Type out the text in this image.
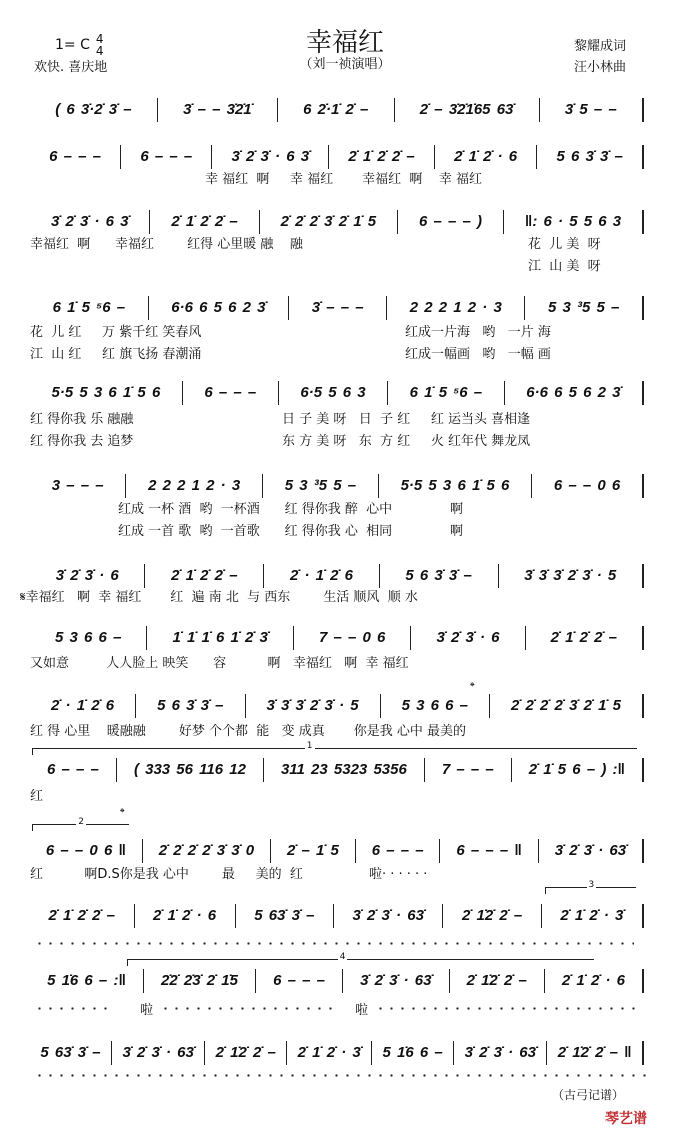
幸福红
（刘一祯演唱）
1= C 4
4
欢快. 喜庆地
黎耀成词
汪小林曲
( 6 3̇·2̇ 3̇ –	3̇ – – 3̇2̇1̇	6 2̇·1̇ 2̇ –	2̇ – 3̇2̇1̇65 63̇	3̇ 5 – –
6 – – –	6 – – –	3̇ 2̇ 3̇ · 6 3̇	2̇ 1̇ 2̇ 2̇ –	2̇ 1̇ 2̇ · 6	5 6 3̇ 3̇ –
3̇ 2̇ 3̇ · 6 3̇	2̇ 1̇ 2̇ 2̇ –	2̇ 2̇ 2̇ 3̇ 2̇ 1̇ 5	6 – – – )	‖: 6 · 5 5 6 3
6 1̇ 5 ⁵6 –	6·6 6 5 6 2 3̇	3̇ – – –	2 2 2 1 2 · 3	5 3 ³5 5 –
5·5 5 3 6 1̇ 5 6	6 – – –	6·5 5 6 3	6 1̇ 5 ⁵6 –	6·6 6 5 6 2 3̇
3 – – –	2 2 2 1 2 · 3	5 3 ³5 5 –	5·5 5 3 6 1̇ 5 6	6 – – 0 6
3̇ 2̇ 3̇ · 6	2̇ 1̇ 2̇ 2̇ –	2̇ · 1̇ 2̇ 6	5 6 3̇ 3̇ –	3̇ 3̇ 3̇ 2̇ 3̇ · 5
5 3 6 6 –	1̇ 1̇ 1̇ 6 1̇ 2̇ 3̇	7 – – 0 6	3̇ 2̇ 3̇ · 6	2̇ 1̇ 2̇ 2̇ –
2̇ · 1̇ 2̇ 6	5 6 3̇ 3̇ –	3̇ 3̇ 3̇ 2̇ 3̇ · 5	5 3 6 6 –	2̇ 2̇ 2̇ 2̇ 3̇ 2̇ 1̇ 5
6 – – –	( 333 56 116 12	311 23 5323 5356	7 – – –	2̇ 1̇ 5 6 – ) :‖
6 – – 0 6 ‖	2̇ 2̇ 2̇ 2̇ 3̇ 3̇ 0	2̇ – 1̇ 5	6 – – –	6 – – – ‖	3̇ 2̇ 3̇ · 63̇
2̇ 1̇ 2̇ 2̇ –	2̇ 1̇ 2̇ · 6	5 63̇ 3̇ –	3̇ 2̇ 3̇ · 63̇	2̇ 1̇2̇ 2̇ –	2̇ 1̇ 2̇ · 3̇
5 1̇6 6 – :‖	2̇2̇ 2̇3̇ 2̇ 1̇5	6 – – –	3̇ 2̇ 3̇ · 63̇	2̇ 1̇2̇ 2̇ –	2̇ 1̇ 2̇ · 6
5 63̇ 3̇ –	3̇ 2̇ 3̇ · 63̇	2̇ 1̇2̇ 2̇ –	2̇ 1̇ 2̇ · 3̇	5 1̇6 6 –	3̇ 2̇ 3̇ · 63̇	2̇ 1̇2̇ 2̇ – ‖
幸 福红  啊     幸 福红       幸福红  啊    幸 福红
幸福红  啊      幸福红        红得 心里暖 融    融	花  儿 美  呀
江  山 美  呀
花  儿 红     万 紫千红 笑春风
江  山 红     红 旗飞扬 春潮涌
红成一片海   哟   一片 海
红成一幅画   哟   一幅 画
红 得你我 乐 融融
红 得你我 去 追梦
日 子 美 呀   日  子 红     红 运当头 喜相逢
东 方 美 呀   东  方 红     火 红年代 舞龙凤
红成 一杯 酒  哟  一杯酒      红 得你我 醉  心中              啊
红成 一首 歌  哟  一首歌      红 得你我 心  相同              啊
𝄋幸福红   啊  幸 福红       红  遍 南 北  与 西东        生活 顺风  顺 水
又如意         人人脸上 映笑      容          啊   幸福红   啊  幸 福红
红 得 心里    暖融融        好梦 个个都  能   变 成真       你是我 心中 最美的
红
红          啊D.S你是我 心中        最     美的  红                啦· · · · · ·
啦	啦
1
2
3
4
𝄌
𝄌
（古弓记谱）
琴艺谱
